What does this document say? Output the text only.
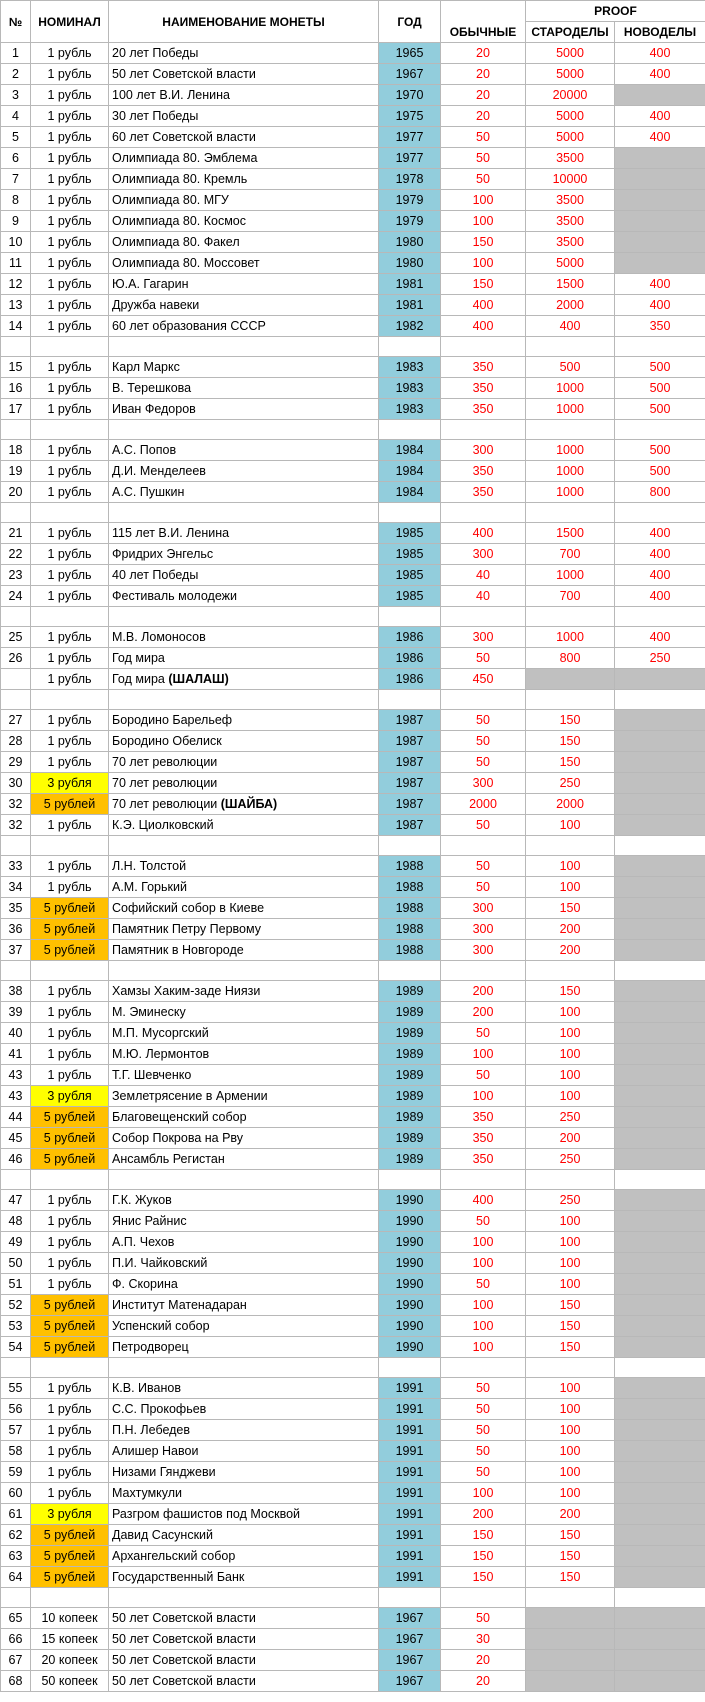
№	НОМИНАЛ	НАИМЕНОВАНИЕ МОНЕТЫ	ГОД	ОБЫЧНЫЕ	PROOF	
					СТАРОДЕЛЫ	НОВОДЕЛЫ
1	1 рубль	20 лет Победы	1965	20	5000	400
2	1 рубль	50 лет Советской власти	1967	20	5000	400
3	1 рубль	100 лет В.И. Ленина	1970	20	20000	
4	1 рубль	30 лет Победы	1975	20	5000	400
5	1 рубль	60 лет Советской власти	1977	50	5000	400
6	1 рубль	Олимпиада 80. Эмблема	1977	50	3500	
7	1 рубль	Олимпиада 80. Кремль	1978	50	10000	
8	1 рубль	Олимпиада 80. МГУ	1979	100	3500	
9	1 рубль	Олимпиада 80. Космос	1979	100	3500	
10	1 рубль	Олимпиада 80. Факел	1980	150	3500	
11	1 рубль	Олимпиада 80. Моссовет	1980	100	5000	
12	1 рубль	Ю.А. Гагарин	1981	150	1500	400
13	1 рубль	Дружба навеки	1981	400	2000	400
14	1 рубль	60 лет образования СССР	1982	400	400	350

15	1 рубль	Карл Маркс	1983	350	500	500
16	1 рубль	В. Терешкова	1983	350	1000	500
17	1 рубль	Иван Федоров	1983	350	1000	500

18	1 рубль	А.С. Попов	1984	300	1000	500
19	1 рубль	Д.И. Менделеев	1984	350	1000	500
20	1 рубль	А.С. Пушкин	1984	350	1000	800

21	1 рубль	115 лет В.И. Ленина	1985	400	1500	400
22	1 рубль	Фридрих Энгельс	1985	300	700	400
23	1 рубль	40 лет Победы	1985	40	1000	400
24	1 рубль	Фестиваль молодежи	1985	40	700	400

25	1 рубль	М.В. Ломоносов	1986	300	1000	400
26	1 рубль	Год мира	1986	50	800	250
	1 рубль	Год мира (ШАЛАШ)	1986	450		

27	1 рубль	Бородино Барельеф	1987	50	150	
28	1 рубль	Бородино Обелиск	1987	50	150	
29	1 рубль	70 лет революции	1987	50	150	
30	3 рубля	70 лет революции	1987	300	250	
32	5 рублей	70 лет революции (ШАЙБА)	1987	2000	2000	
32	1 рубль	К.Э. Циолковский	1987	50	100	

33	1 рубль	Л.Н. Толстой	1988	50	100	
34	1 рубль	А.М. Горький	1988	50	100	
35	5 рублей	Софийский собор в Киеве	1988	300	150	
36	5 рублей	Памятник Петру Первому	1988	300	200	
37	5 рублей	Памятник в Новгороде	1988	300	200	

38	1 рубль	Хамзы Хаким-заде Ниязи	1989	200	150	
39	1 рубль	М. Эминеску	1989	200	100	
40	1 рубль	М.П. Мусоргский	1989	50	100	
41	1 рубль	М.Ю. Лермонтов	1989	100	100	
43	1 рубль	Т.Г. Шевченко	1989	50	100	
43	3 рубля	Землетрясение в Армении	1989	100	100	
44	5 рублей	Благовещенский собор	1989	350	250	
45	5 рублей	Собор Покрова на Рву	1989	350	200	
46	5 рублей	Ансамбль Регистан	1989	350	250	

47	1 рубль	Г.К. Жуков	1990	400	250	
48	1 рубль	Янис Райнис	1990	50	100	
49	1 рубль	А.П. Чехов	1990	100	100	
50	1 рубль	П.И. Чайковский	1990	100	100	
51	1 рубль	Ф. Скорина	1990	50	100	
52	5 рублей	Институт Матенадаран	1990	100	150	
53	5 рублей	Успенский собор	1990	100	150	
54	5 рублей	Петродворец	1990	100	150	

55	1 рубль	К.В. Иванов	1991	50	100	
56	1 рубль	С.С. Прокофьев	1991	50	100	
57	1 рубль	П.Н. Лебедев	1991	50	100	
58	1 рубль	Алишер Навои	1991	50	100	
59	1 рубль	Низами Гянджеви	1991	50	100	
60	1 рубль	Махтумкули	1991	100	100	
61	3 рубля	Разгром фашистов под Москвой	1991	200	200	
62	5 рублей	Давид Сасунский	1991	150	150	
63	5 рублей	Архангельский собор	1991	150	150	
64	5 рублей	Государственный Банк	1991	150	150	

65	10 копеек	50 лет Советской власти	1967	50		
66	15 копеек	50 лет Советской власти	1967	30		
67	20 копеек	50 лет Советской власти	1967	20		
68	50 копеек	50 лет Советской власти	1967	20		
